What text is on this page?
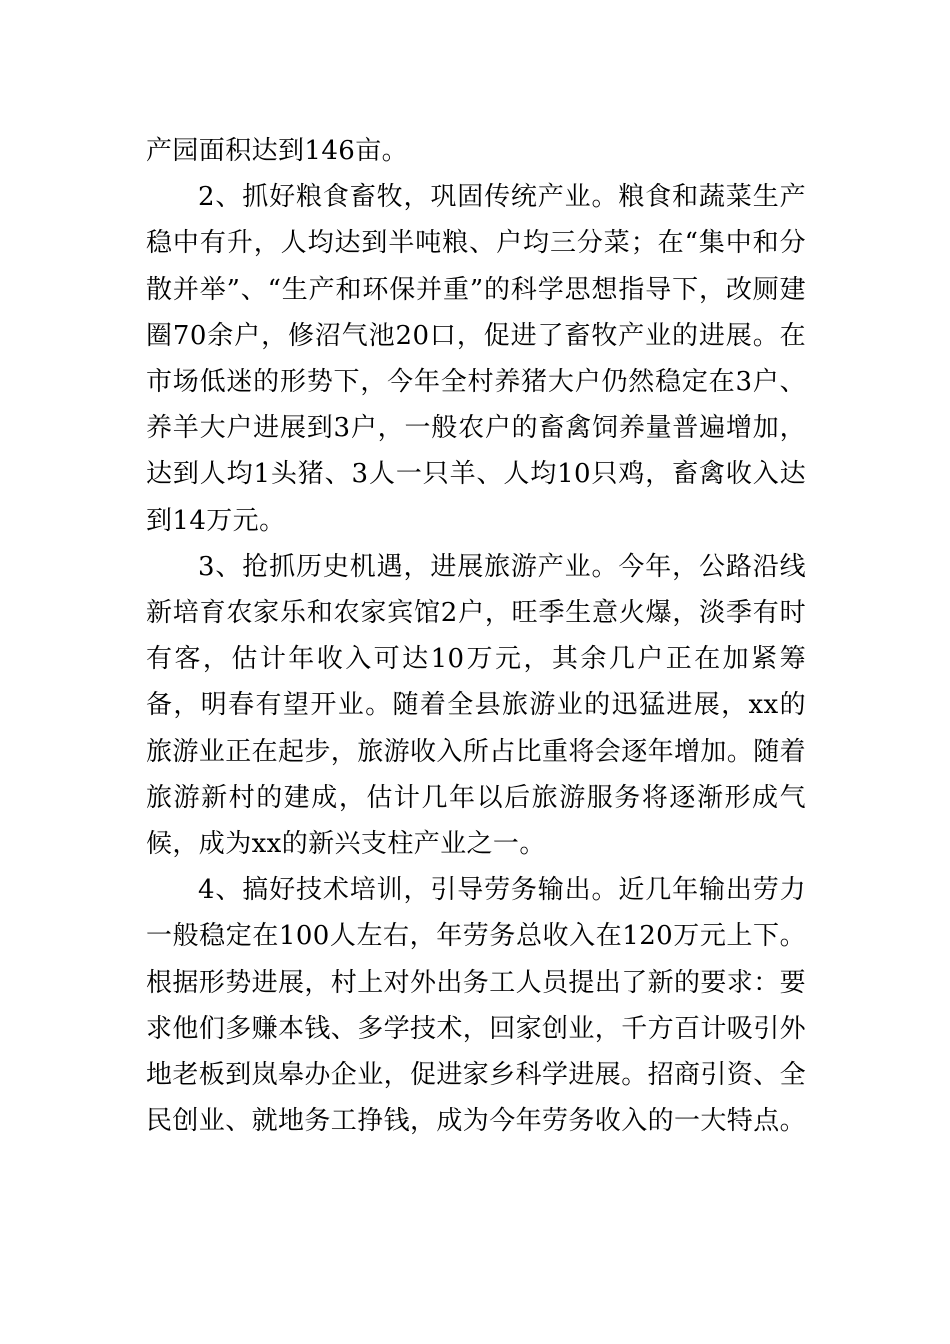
产园面积达到146亩。

2、抓好粮食畜牧，巩固传统产业。粮食和蔬菜生产稳中有升，人均达到半吨粮、户均三分菜；在“集中和分散并举”、“生产和环保并重”的科学思想指导下，改厕建圈70余户，修沼气池20口，促进了畜牧产业的进展。在市场低迷的形势下，今年全村养猪大户仍然稳定在3户、养羊大户进展到3户，一般农户的畜禽饲养量普遍增加，达到人均1头猪、3人一只羊、人均10只鸡，畜禽收入达到14万元。

3、抢抓历史机遇，进展旅游产业。今年，公路沿线新培育农家乐和农家宾馆2户，旺季生意火爆，淡季有时有客，估计年收入可达10万元，其余几户正在加紧筹备，明春有望开业。随着全县旅游业的迅猛进展，xx的旅游业正在起步，旅游收入所占比重将会逐年增加。随着旅游新村的建成，估计几年以后旅游服务将逐渐形成气候，成为xx的新兴支柱产业之一。

4、搞好技术培训，引导劳务输出。近几年输出劳力一般稳定在100人左右，年劳务总收入在120万元上下。根据形势进展，村上对外出务工人员提出了新的要求：要求他们多赚本钱、多学技术，回家创业，千方百计吸引外地老板到岚皋办企业，促进家乡科学进展。招商引资、全民创业、就地务工挣钱，成为今年劳务收入的一大特点。
